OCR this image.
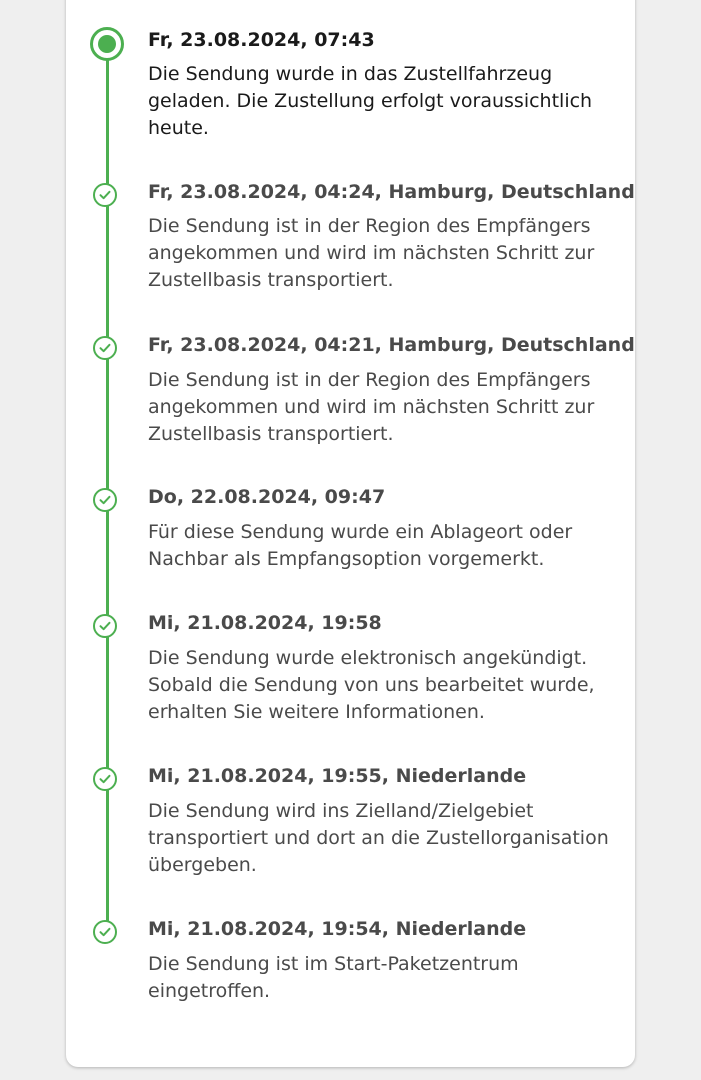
Fr, 23.08.2024, 07:43
Die Sendung wurde in das Zustellfahrzeug geladen. Die Zustellung erfolgt voraussichtlich heute.
Fr, 23.08.2024, 04:24, Hamburg, Deutschland
Die Sendung ist in der Region des Empfängers angekommen und wird im nächsten Schritt zur Zustellbasis transportiert.
Fr, 23.08.2024, 04:21, Hamburg, Deutschland
Die Sendung ist in der Region des Empfängers angekommen und wird im nächsten Schritt zur Zustellbasis transportiert.
Do, 22.08.2024, 09:47
Für diese Sendung wurde ein Ablageort oder Nachbar als Empfangsoption vorgemerkt.
Mi, 21.08.2024, 19:58
Die Sendung wurde elektronisch angekündigt. Sobald die Sendung von uns bearbeitet wurde, erhalten Sie weitere Informationen.
Mi, 21.08.2024, 19:55, Niederlande
Die Sendung wird ins Zielland/Zielgebiet transportiert und dort an die Zustellorganisation übergeben.
Mi, 21.08.2024, 19:54, Niederlande
Die Sendung ist im Start-Paketzentrum eingetroffen.
